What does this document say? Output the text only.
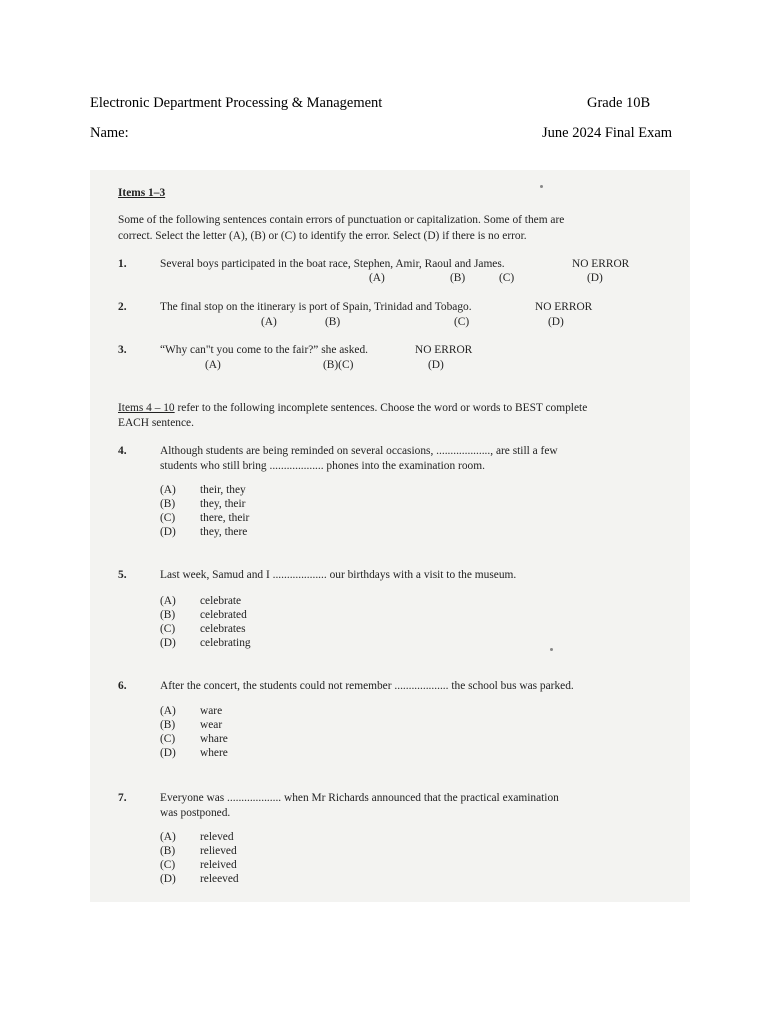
Electronic Department Processing & Management	Grade 10B
Name:	June 2024 Final Exam
Items 1–3
Some of the following sentences contain errors of punctuation or capitalization. Some of them are
correct. Select the letter (A), (B) or (C) to identify the error. Select (D) if there is no error.
1.	Several boys participated in the boat race, Stephen, Amir, Raoul and James.	NO ERROR
(A)	(B)	(C)	(D)
2.	The final stop on the itinerary is port of Spain, Trinidad and Tobago.	NO ERROR
(A)	(B)	(C)	(D)
3.	“Why can"t you come to the fair?” she asked.	NO ERROR
(A)	(B)(C)	(D)
Items 4 – 10 refer to the following incomplete sentences. Choose the word or words to BEST complete
EACH sentence.
4.	Although students are being reminded on several occasions, ..................., are still a few
students who still bring ................... phones into the examination room.
(A) their, they
(B) they, their
(C) there, their
(D) they, there
5.	Last week, Samud and I ................... our birthdays with a visit to the museum.
(A) celebrate
(B) celebrated
(C) celebrates
(D) celebrating
6.	After the concert, the students could not remember ................... the school bus was parked.
(A) ware
(B) wear
(C) whare
(D) where
7.	Everyone was ................... when Mr Richards announced that the practical examination
was postponed.
(A) releved
(B) relieved
(C) releived
(D) releeved
